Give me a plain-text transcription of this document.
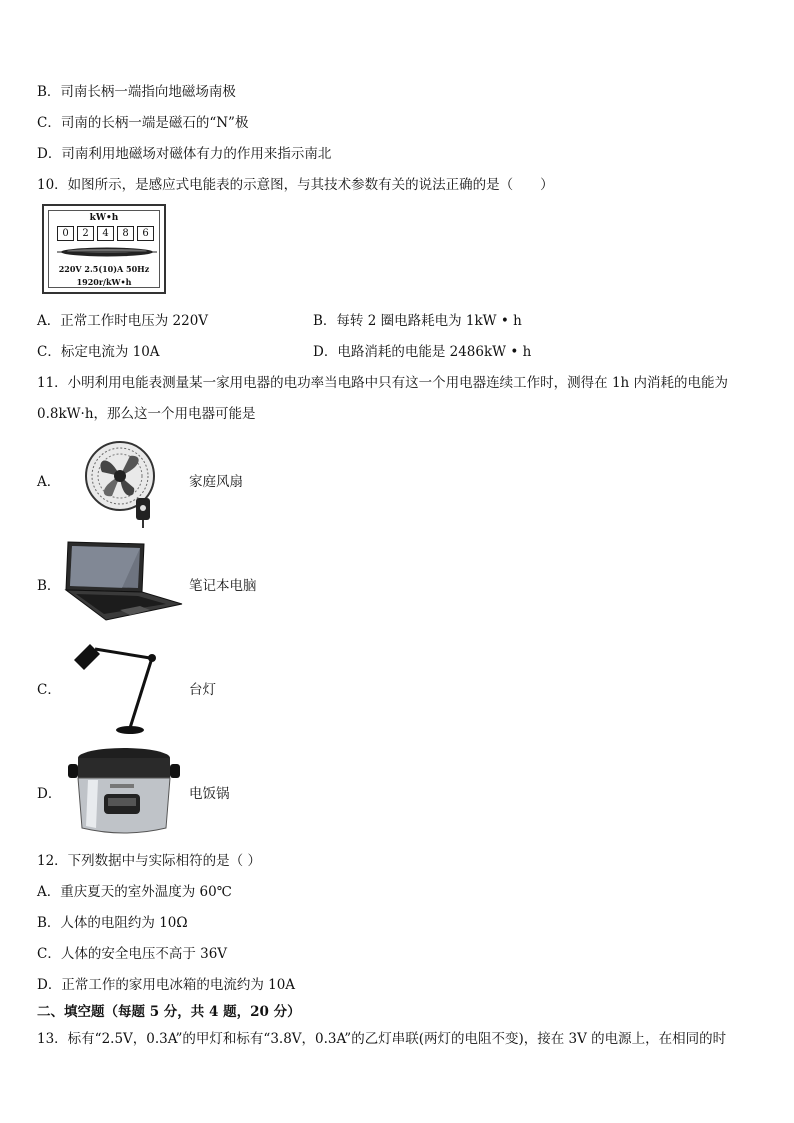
B．司南长柄一端指向地磁场南极
C．司南的长柄一端是磁石的“N”极
D．司南利用地磁场对磁体有力的作用来指示南北
10．如图所示，是感应式电能表的示意图，与其技术参数有关的说法正确的是（　　）
kW•h
0	2	4	8	6
220V 2.5(10)A 50Hz
1920r/kW•h
A．正常工作时电压为 220V	B．每转 2 圈电路耗电为 1kW • h
C．标定电流为 10A	D．电路消耗的电能是 2486kW • h
11．小明利用电能表测量某一家用电器的电功率当电路中只有这一个用电器连续工作时，测得在 1h 内消耗的电能为
0.8kW·h，那么这一个用电器可能是
A．	家庭风扇
B．	笔记本电脑
C．	台灯
D．	电饭锅
12．下列数据中与实际相符的是（ ）
A．重庆夏天的室外温度为 60℃
B．人体的电阻约为 10Ω
C．人体的安全电压不高于 36V
D．正常工作的家用电冰箱的电流约为 10A
二、填空题（每题 5 分，共 4 题，20 分）
13．标有“2.5V，0.3A”的甲灯和标有“3.8V，0.3A”的乙灯串联(两灯的电阻不变)，接在 3V 的电源上，在相同的时
